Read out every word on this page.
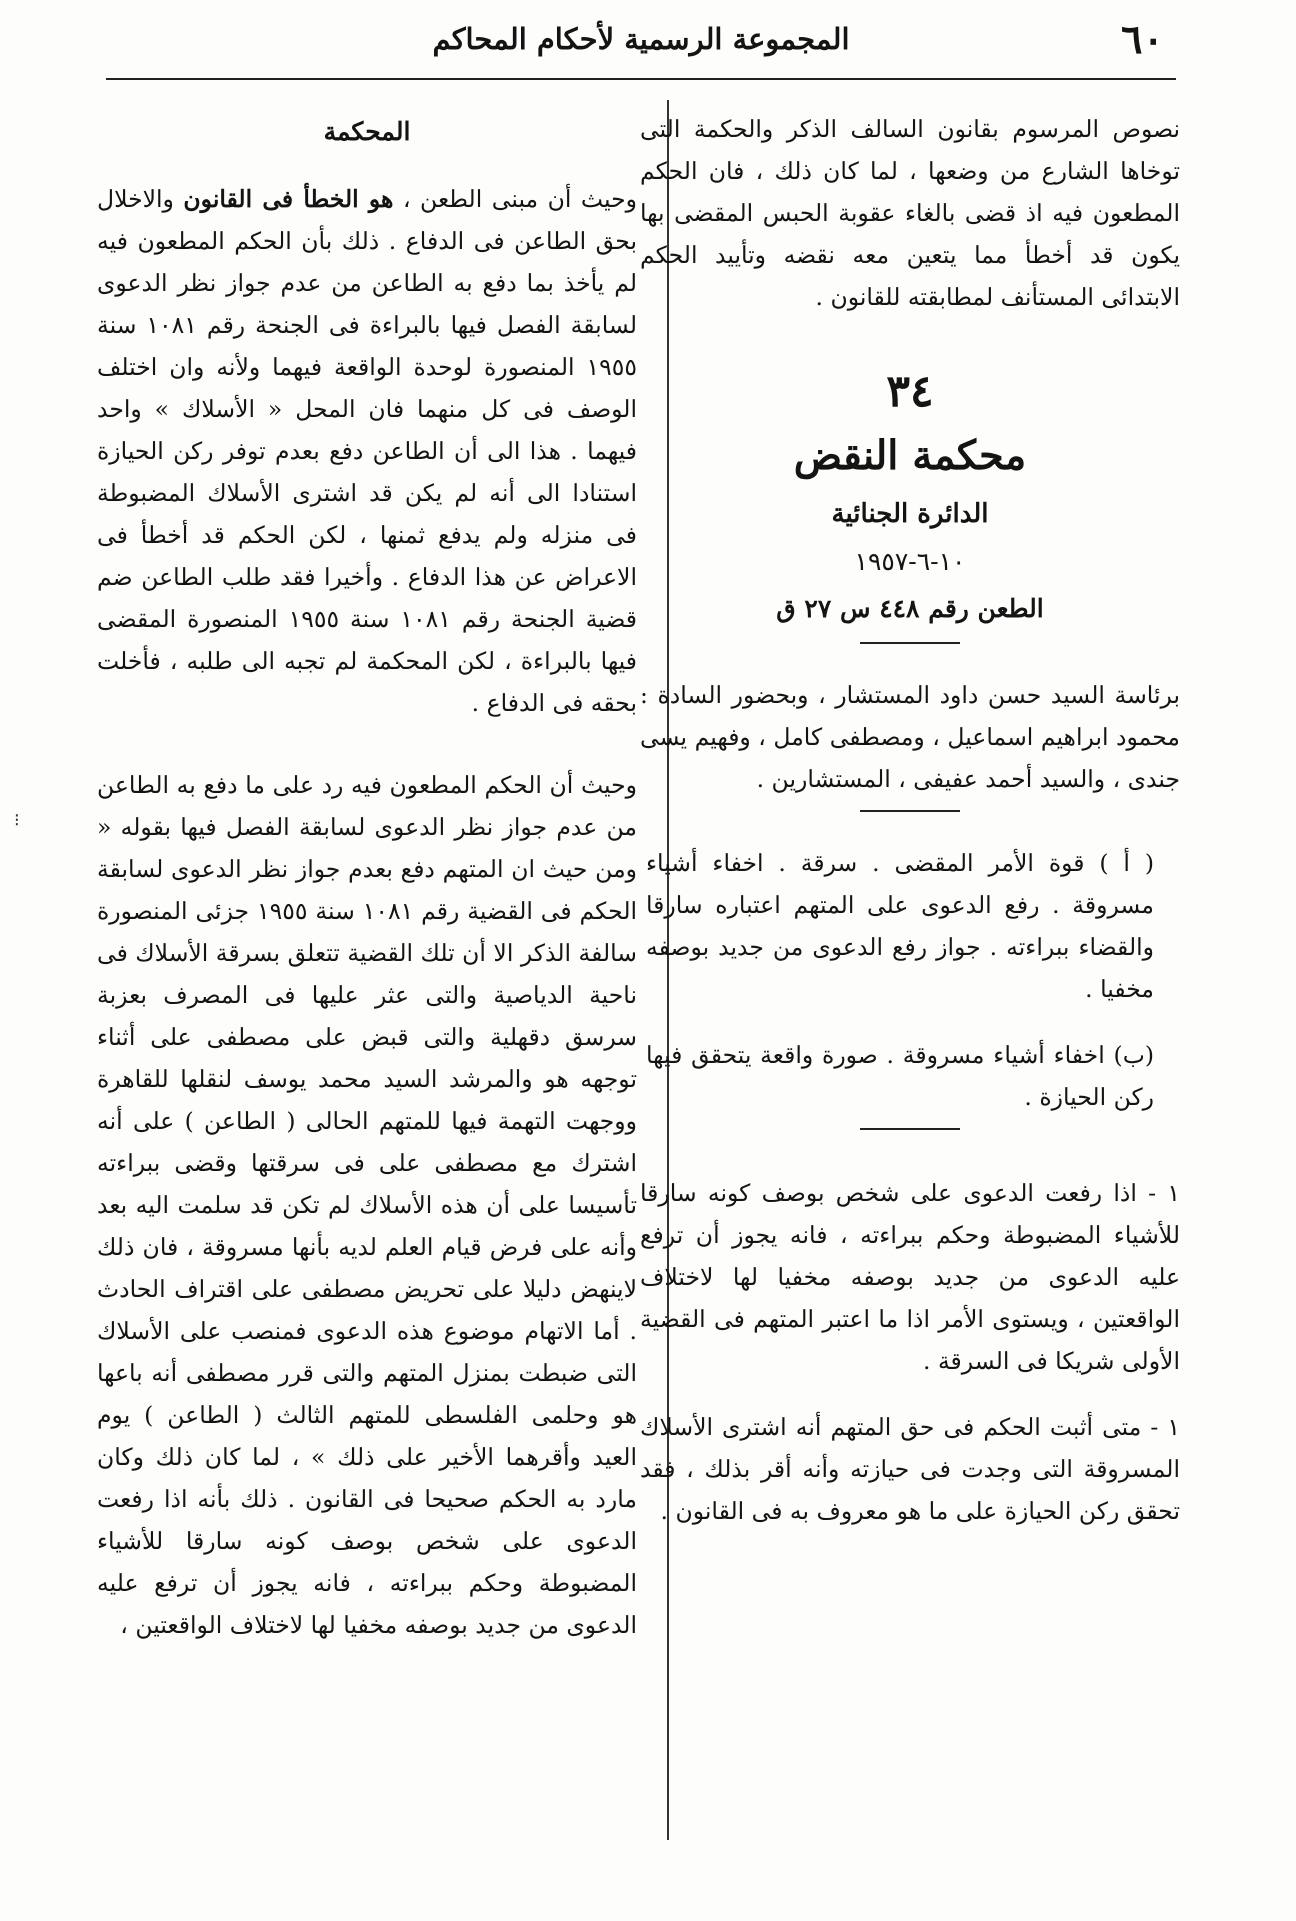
٦٠
المجموعة الرسمية لأحكام المحاكم
⁝

نصوص المرسوم بقانون السالف الذكر والحكمة التى توخاها الشارع من وضعها ، لما كان ذلك ، فان الحكم المطعون فيه اذ قضى بالغاء عقوبة الحبس المقضى بها يكون قد أخطأ مما يتعين معه نقضه وتأييد الحكم الابتدائى المستأنف لمطابقته للقانون .

٣٤
محكمة النقض
الدائرة الجنائية
١٠-٦-١٩٥٧
الطعن رقم ٤٤٨ س ٢٧ ق

برئاسة السيد حسن داود المستشار ، وبحضور السادة : محمود ابراهيم اسماعيل ، ومصطفى كامل ، وفهيم يسى جندى ، والسيد أحمد عفيفى ، المستشارين .

( أ ) قوة الأمر المقضى . سرقة . اخفاء أشياء مسروقة . رفع الدعوى على المتهم اعتباره سارقا والقضاء ببراءته . جواز رفع الدعوى من جديد بوصفه مخفيا .

(ب) اخفاء أشياء مسروقة . صورة واقعة يتحقق فيها ركن الحيازة .

١ - اذا رفعت الدعوى على شخص بوصف كونه سارقا للأشياء المضبوطة وحكم ببراءته ، فانه يجوز أن ترفع عليه الدعوى من جديد بوصفه مخفيا لها لاختلاف الواقعتين ، ويستوى الأمر اذا ما اعتبر المتهم فى القضية الأولى شريكا فى السرقة .

١ - متى أثبت الحكم فى حق المتهم أنه اشترى الأسلاك المسروقة التى وجدت فى حيازته وأنه أقر بذلك ، فقد تحقق ركن الحيازة على ما هو معروف به فى القانون .

المحكمة

وحيث أن مبنى الطعن ، هو الخطأ فى القانون والاخلال بحق الطاعن فى الدفاع . ذلك بأن الحكم المطعون فيه لم يأخذ بما دفع به الطاعن من عدم جواز نظر الدعوى لسابقة الفصل فيها بالبراءة فى الجنحة رقم ١٠٨١ سنة ١٩٥٥ المنصورة لوحدة الواقعة فيهما ولأنه وان اختلف الوصف فى كل منهما فان المحل « الأسلاك » واحد فيهما . هذا الى أن الطاعن دفع بعدم توفر ركن الحيازة استنادا الى أنه لم يكن قد اشترى الأسلاك المضبوطة فى منزله ولم يدفع ثمنها ، لكن الحكم قد أخطأ فى الاعراض عن هذا الدفاع . وأخيرا فقد طلب الطاعن ضم قضية الجنحة رقم ١٠٨١ سنة ١٩٥٥ المنصورة المقضى فيها بالبراءة ، لكن المحكمة لم تجبه الى طلبه ، فأخلت بحقه فى الدفاع .

وحيث أن الحكم المطعون فيه رد على ما دفع به الطاعن من عدم جواز نظر الدعوى لسابقة الفصل فيها بقوله « ومن حيث ان المتهم دفع بعدم جواز نظر الدعوى لسابقة الحكم فى القضية رقم ١٠٨١ سنة ١٩٥٥ جزئى المنصورة سالفة الذكر الا أن تلك القضية تتعلق بسرقة الأسلاك فى ناحية الدياصية والتى عثر عليها فى المصرف بعزبة سرسق دقهلية والتى قبض على مصطفى على أثناء توجهه هو والمرشد السيد محمد يوسف لنقلها للقاهرة ووجهت التهمة فيها للمتهم الحالى ( الطاعن ) على أنه اشترك مع مصطفى على فى سرقتها وقضى ببراءته تأسيسا على أن هذه الأسلاك لم تكن قد سلمت اليه بعد وأنه على فرض قيام العلم لديه بأنها مسروقة ، فان ذلك لاينهض دليلا على تحريض مصطفى على اقتراف الحادث . أما الاتهام موضوع هذه الدعوى فمنصب على الأسلاك التى ضبطت بمنزل المتهم والتى قرر مصطفى أنه باعها هو وحلمى الفلسطى للمتهم الثالث ( الطاعن ) يوم العيد وأقرهما الأخير على ذلك » ، لما كان ذلك وكان مارد به الحكم صحيحا فى القانون . ذلك بأنه اذا رفعت الدعوى على شخص بوصف كونه سارقا للأشياء المضبوطة وحكم ببراءته ، فانه يجوز أن ترفع عليه الدعوى من جديد بوصفه مخفيا لها لاختلاف الواقعتين ،
